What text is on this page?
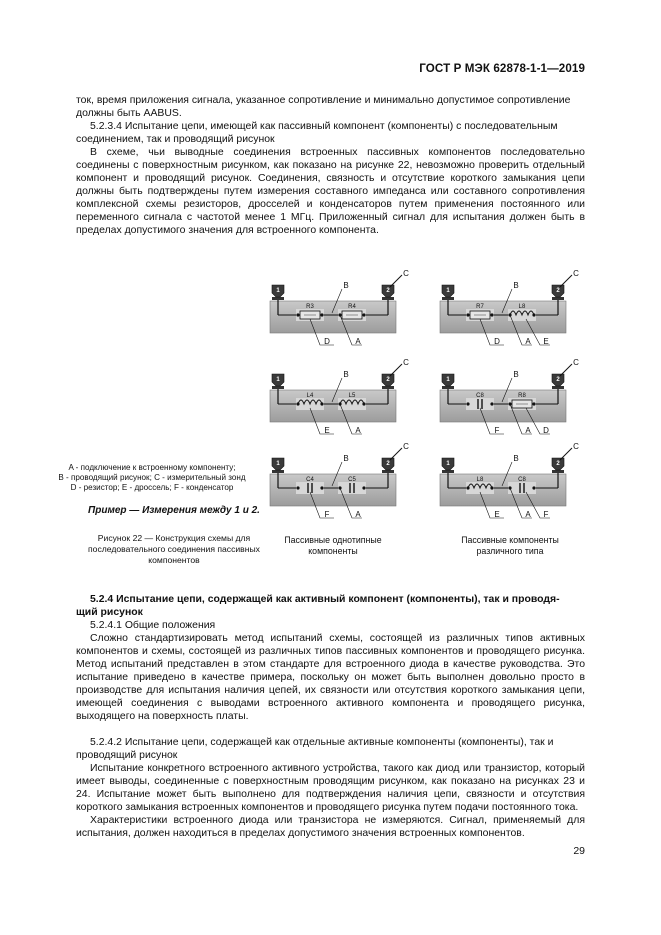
ГОСТ Р МЭК 62878-1-1—2019

ток, время приложения сигнала, указанное сопротивление и минимально допустимое сопротивление

должны быть AABUS.

5.2.3.4 Испытание цепи, имеющей как пассивный компонент (компоненты) с последовательным

соединением, так и проводящий рисунок

В схеме, чьи выводные соединения встроенных пассивных компонентов последовательно соединены с поверхностным рисунком, как показано на рисунке 22, невозможно проверить отдельный компонент и проводящий рисунок. Соединения, связность и отсутствие короткого замыкания цепи должны быть подтверждены путем измерения составного импеданса или составного сопротивления комплексной схемы резисторов, дросселей и конденсаторов путем применения постоянного или переменного сигнала с частотой менее 1 МГц. Приложенный сигнал для испытания должен быть в пределах допустимого значения для встроенного компонента.

R3	R4
1	2
C
B
D	A
R7	L8
1	2
C
B
D	A E
L4	L5
1	2
C
B
E	A
C8	R8
1	2
C
B
F	A D
C4	C5
1	2
C
B
F	A
L8	C8
1	2
C
B
E	A F
A - подключение к встроенному компоненту;
B - проводящий рисунок; C - измерительный зонд
D - резистор; E - дроссель; F - конденсатор
Пример — Измерения между 1 и 2.
Рисунок 22 — Конструкция схемы для последовательного соединения пассивных компонентов
Пассивные однотипные
компоненты
Пассивные компоненты
различного типа

5.2.4 Испытание цепи, содержащей как активный компонент (компоненты), так и проводя-

щий рисунок

5.2.4.1 Общие положения

Сложно стандартизировать метод испытаний схемы, состоящей из различных типов активных компонентов и схемы, состоящей из различных типов пассивных компонентов и проводящего рисунка. Метод испытаний представлен в этом стандарте для встроенного диода в качестве руководства. Это испытание приведено в качестве примера, поскольку он может быть выполнен довольно просто в производстве для испытания наличия цепей, их связности или отсутствия короткого замыкания цепи, имеющей соединения с выводами встроенного активного компонента и проводящего рисунка, выходящего на поверхность платы.

5.2.4.2 Испытание цепи, содержащей как отдельные активные компоненты (компоненты), так и

проводящий рисунок

Испытание конкретного встроенного активного устройства, такого как диод или транзистор, который имеет выводы, соединенные с поверхностным проводящим рисунком, как показано на рисунках 23 и 24. Испытание может быть выполнено для подтверждения наличия цепи, связности и отсутствия короткого замыкания встроенных компонентов и проводящего рисунка путем подачи постоянного тока.

Характеристики встроенного диода или транзистора не измеряются. Сигнал, применяемый для испытания, должен находиться в пределах допустимого значения встроенных компонентов.

29
